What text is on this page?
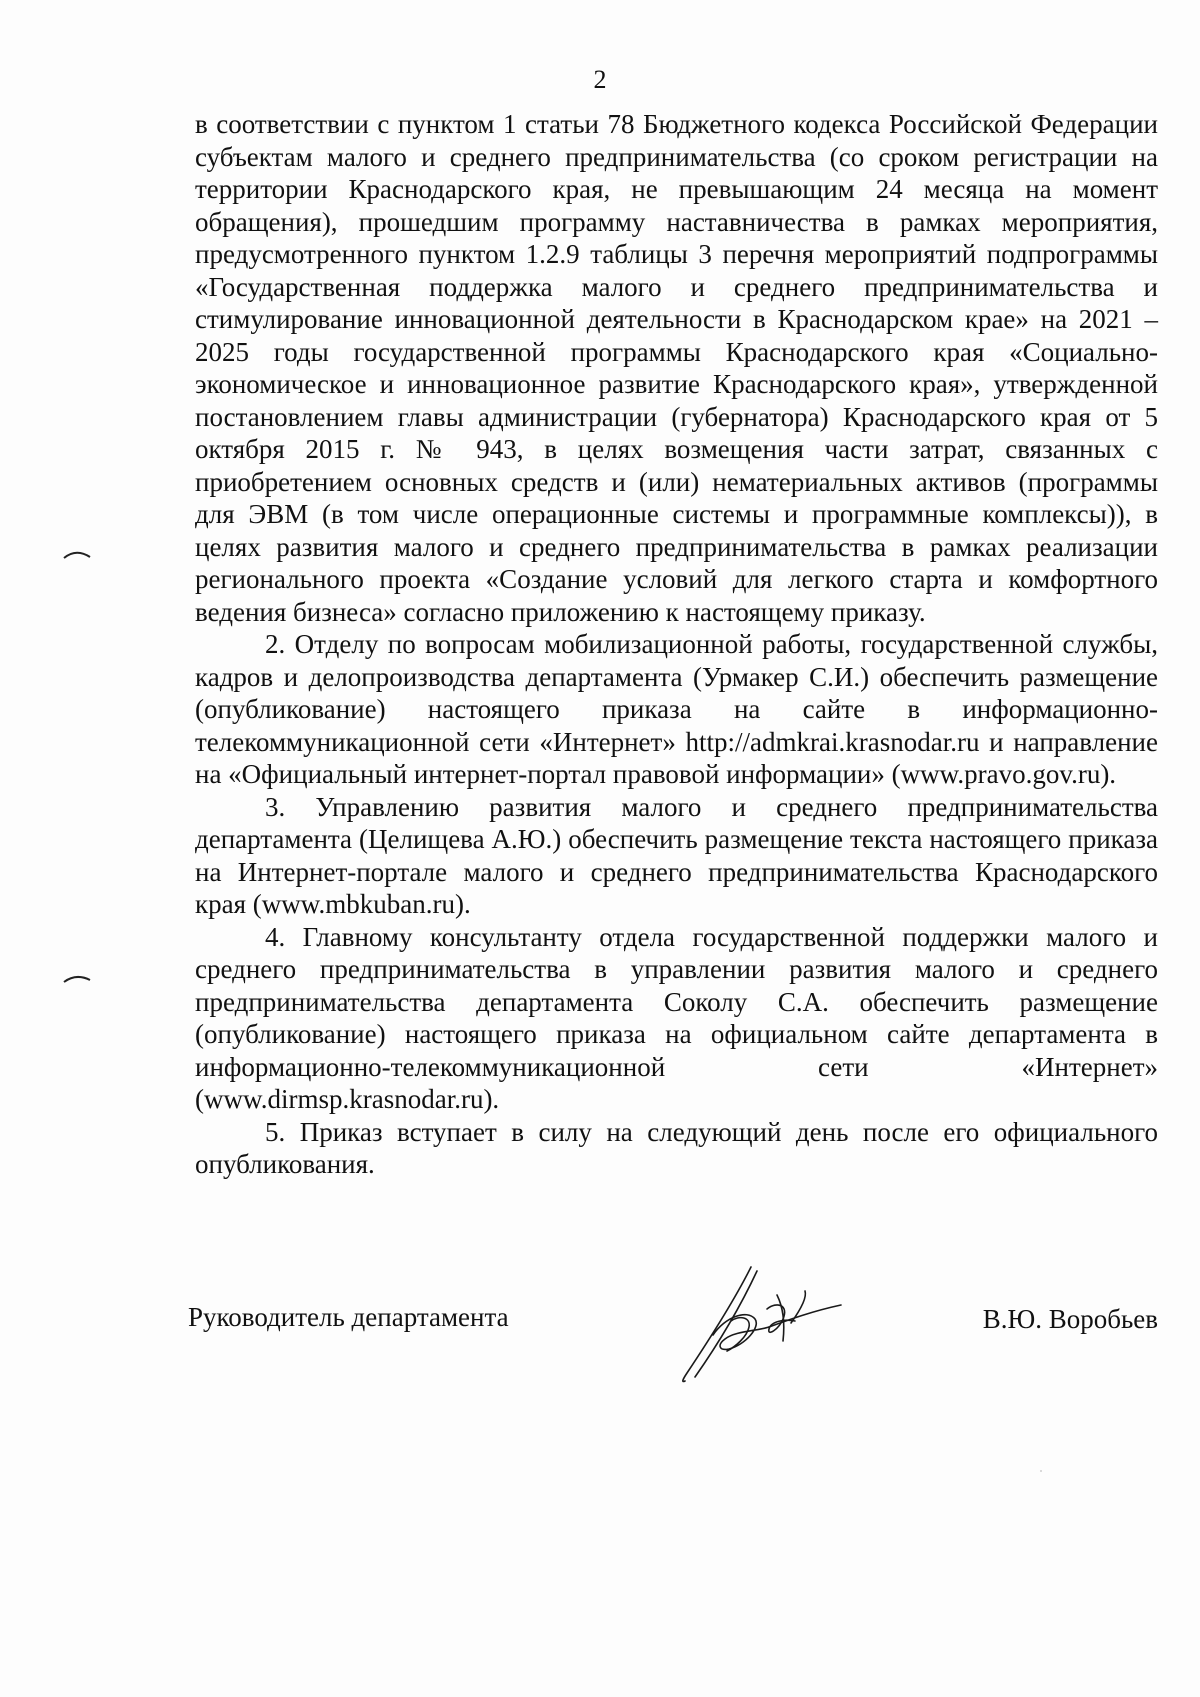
2

в соответствии с пунктом 1 статьи 78 Бюджетного кодекса Российской Федерации субъектам малого и среднего предпринимательства (со сроком регистрации на территории Краснодарского края, не превышающим 24 месяца на момент обращения), прошедшим программу наставничества в рамках мероприятия, предусмотренного пунктом 1.2.9 таблицы 3 перечня мероприятий подпрограммы «Государственная поддержка малого и среднего предпринимательства и стимулирование инновационной деятельности в Краснодарском крае» на 2021 – 2025 годы государственной программы Краснодарского края «Социально-экономическое и инновационное развитие Краснодарского края», утвержденной постановлением главы администрации (губернатора) Краснодарского края от 5 октября 2015 г. № 943, в целях возмещения части затрат, связанных с приобретением основных средств и (или) нематериальных активов (программы для ЭВМ (в том числе операционные системы и программные комплексы)), в целях развития малого и среднего предпринимательства в рамках реализации регионального проекта «Создание условий для легкого старта и комфортного ведения бизнеса» согласно приложению к настоящему приказу.

2. Отделу по вопросам мобилизационной работы, государственной службы, кадров и делопроизводства департамента (Урмакер С.И.) обеспечить размещение (опубликование) настоящего приказа на сайте в информационно-телекоммуникационной сети «Интернет» http://admkrai.krasnodar.ru и направление на «Официальный интернет-портал правовой информации» (www.pravo.gov.ru).

3. Управлению развития малого и среднего предпринимательства департамента (Целищева А.Ю.) обеспечить размещение текста настоящего приказа на Интернет-портале малого и среднего предпринимательства Краснодарского края (www.mbkuban.ru).

4. Главному консультанту отдела государственной поддержки малого и среднего предпринимательства в управлении развития малого и среднего предпринимательства департамента Соколу С.А. обеспечить размещение (опубликование) настоящего приказа на официальном сайте департамента в информационно-телекоммуникационной сети «Интернет» (www.dirmsp.krasnodar.ru).

5. Приказ вступает в силу на следующий день после его официального опубликования.

Руководитель департамента	В.Ю. Воробьев
